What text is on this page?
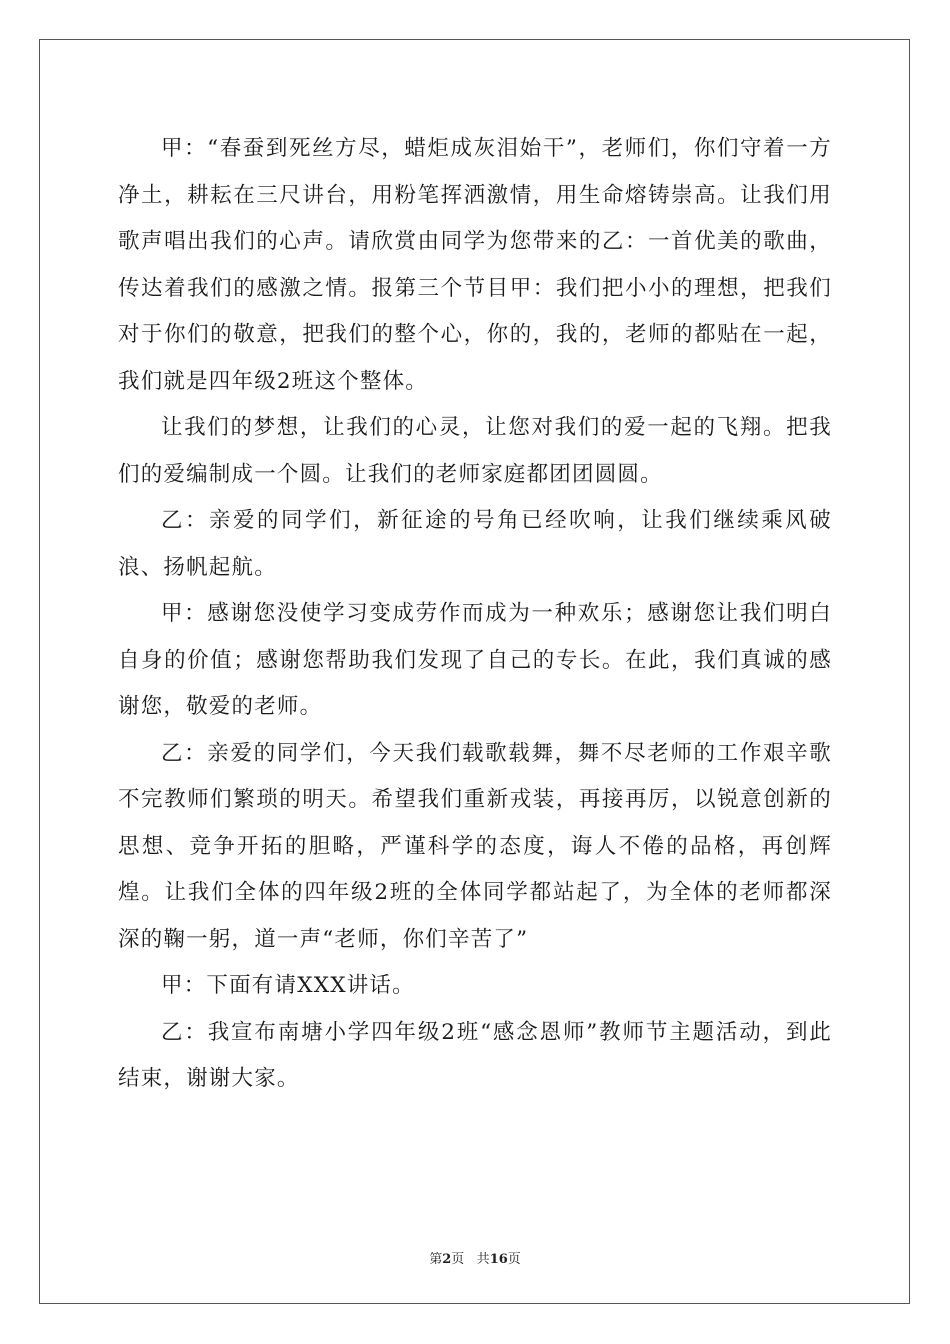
甲：“春蚕到死丝方尽，蜡炬成灰泪始干”，老师们，你们守着一方净土，耕耘在三尺讲台，用粉笔挥洒激情，用生命熔铸崇高。让我们用歌声唱出我们的心声。请欣赏由同学为您带来的乙：一首优美的歌曲，传达着我们的感激之情。报第三个节目甲：我们把小小的理想，把我们对于你们的敬意，把我们的整个心，你的，我的，老师的都贴在一起，我们就是四年级2班这个整体。

让我们的梦想，让我们的心灵，让您对我们的爱一起的飞翔。把我们的爱编制成一个圆。让我们的老师家庭都团团圆圆。

乙：亲爱的同学们，新征途的号角已经吹响，让我们继续乘风破浪、扬帆起航。

甲：感谢您没使学习变成劳作而成为一种欢乐；感谢您让我们明白自身的价值；感谢您帮助我们发现了自己的专长。在此，我们真诚的感谢您，敬爱的老师。

乙：亲爱的同学们，今天我们载歌载舞，舞不尽老师的工作艰辛歌不完教师们繁琐的明天。希望我们重新戎装，再接再厉，以锐意创新的思想、竞争开拓的胆略，严谨科学的态度，诲人不倦的品格，再创辉煌。让我们全体的四年级2班的全体同学都站起了，为全体的老师都深深的鞠一躬，道一声“老师，你们辛苦了”

甲：下面有请XXX讲话。

乙：我宣布南塘小学四年级2班“感念恩师”教师节主题活动，到此结束，谢谢大家。

第2页 共16页
